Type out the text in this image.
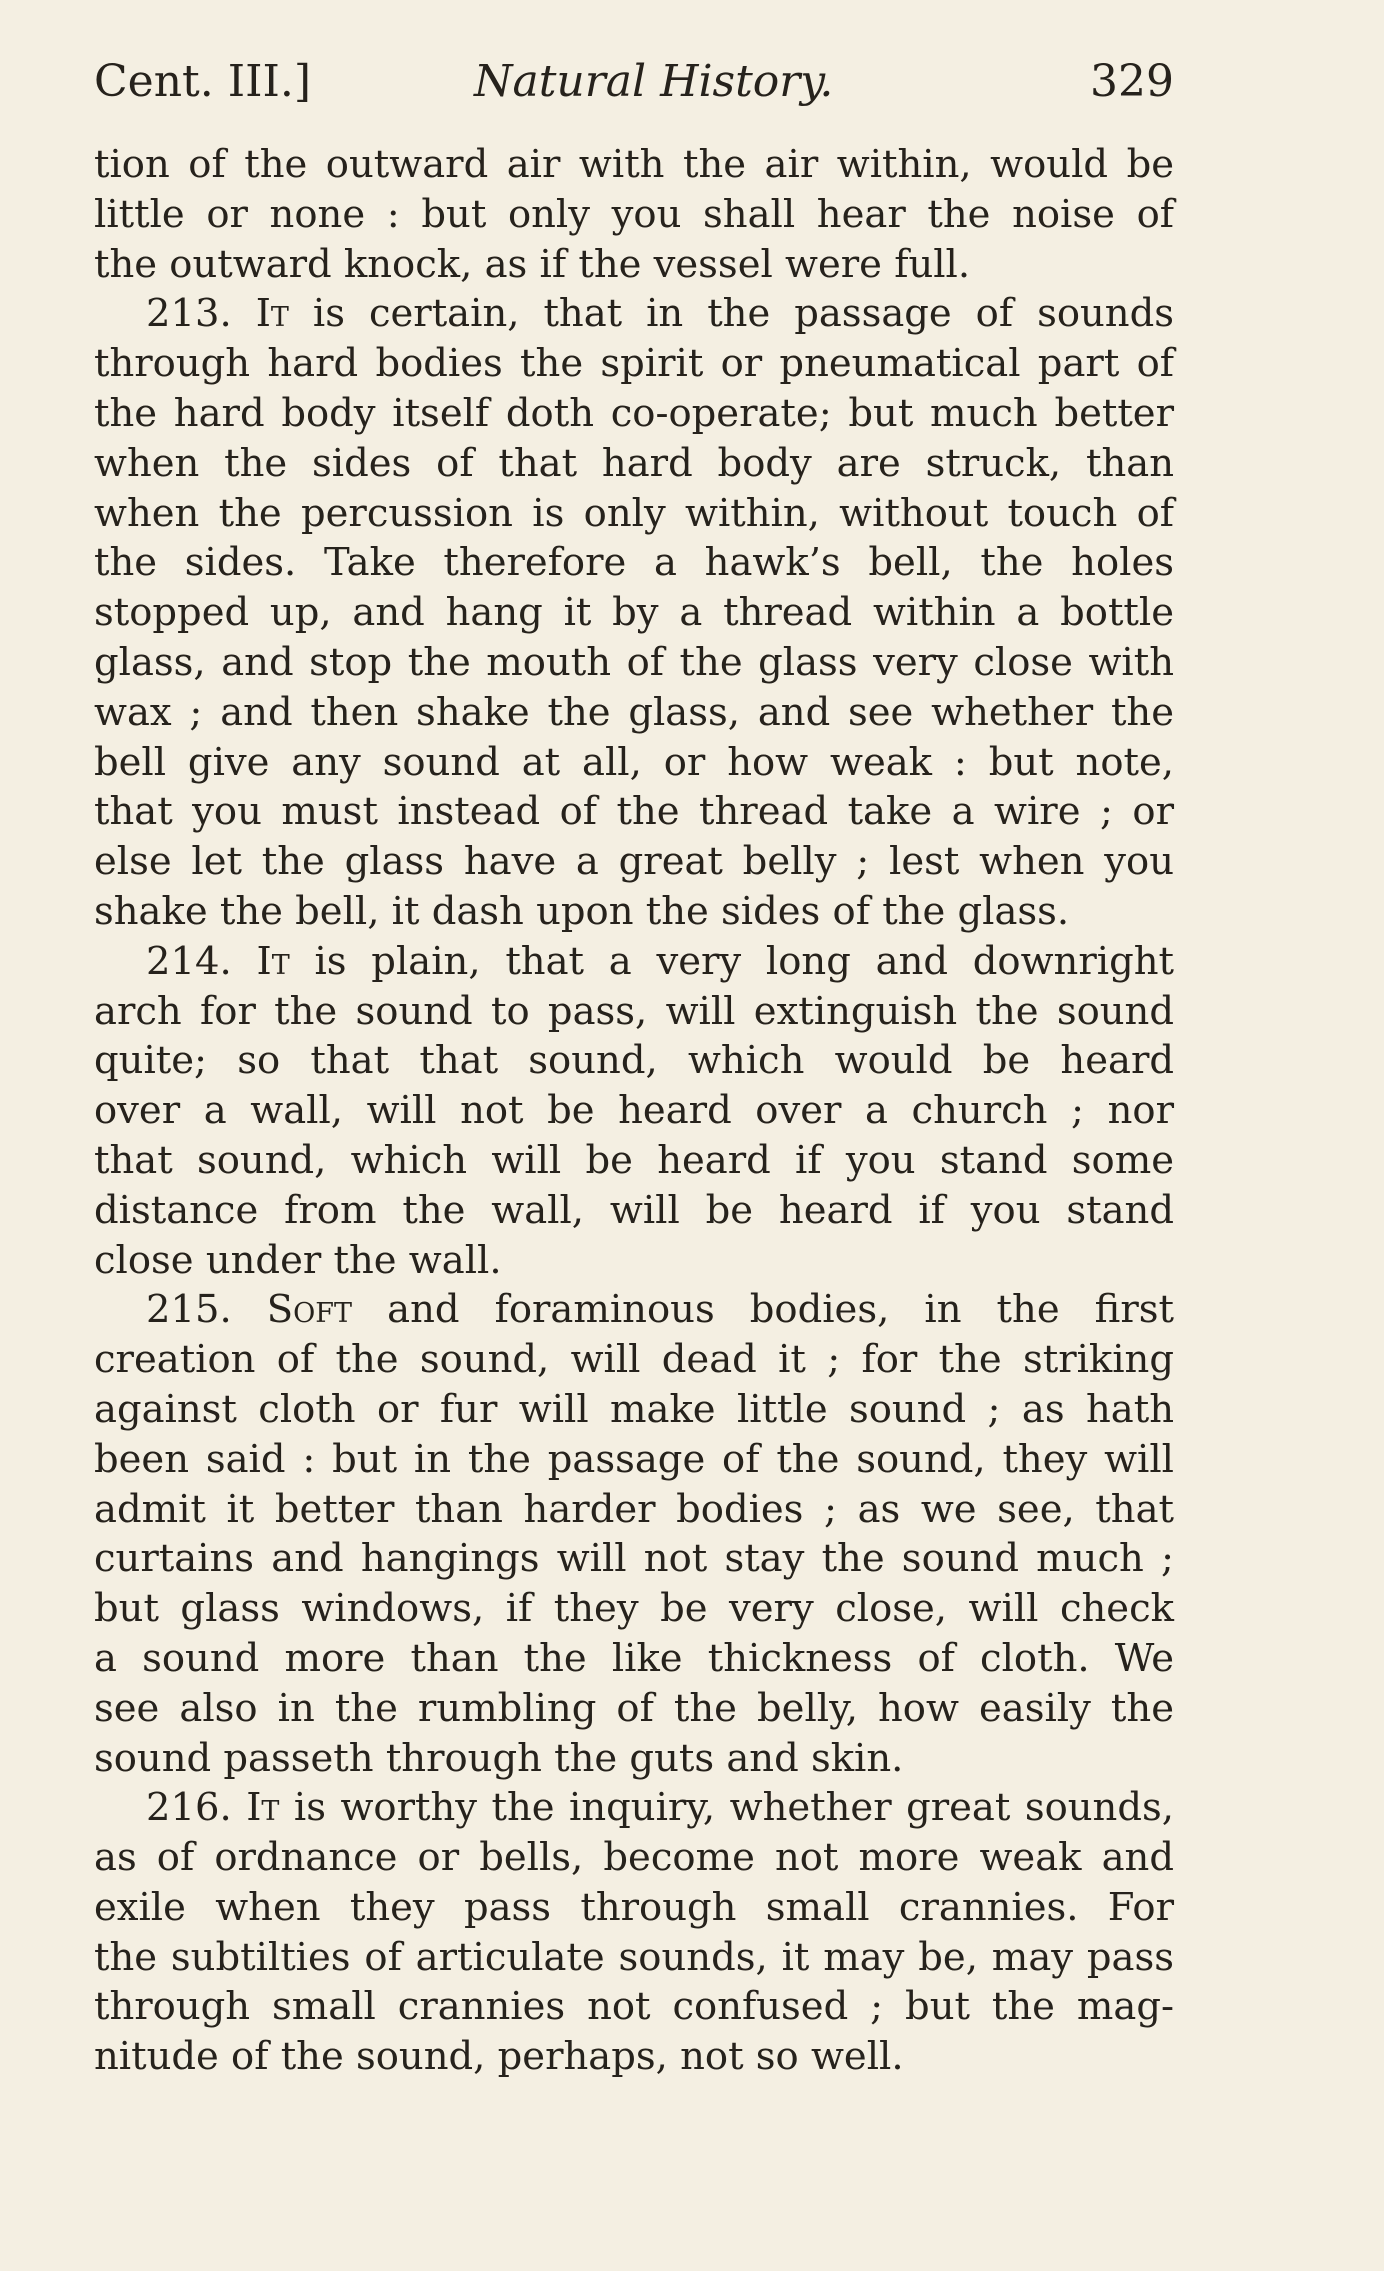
Cent. III.]	Natural History.	329
tion of the outward air with the air within, would be
little or none : but only you shall hear the noise of
the outward knock, as if the vessel were full.
213. It is certain, that in the passage of sounds
through hard bodies the spirit or pneumatical part of
the hard body itself doth co-operate; but much better
when the sides of that hard body are struck, than
when the percussion is only within, without touch of
the sides. Take therefore a hawk’s bell, the holes
stopped up, and hang it by a thread within a bottle
glass, and stop the mouth of the glass very close with
wax ; and then shake the glass, and see whether the
bell give any sound at all, or how weak : but note,
that you must instead of the thread take a wire ; or
else let the glass have a great belly ; lest when you
shake the bell, it dash upon the sides of the glass.
214. It is plain, that a very long and downright
arch for the sound to pass, will extinguish the sound
quite; so that that sound, which would be heard
over a wall, will not be heard over a church ; nor
that sound, which will be heard if you stand some
distance from the wall, will be heard if you stand
close under the wall.
215. Soft and foraminous bodies, in the first
creation of the sound, will dead it ; for the striking
against cloth or fur will make little sound ; as hath
been said : but in the passage of the sound, they will
admit it better than harder bodies ; as we see, that
curtains and hangings will not stay the sound much ;
but glass windows, if they be very close, will check
a sound more than the like thickness of cloth. We
see also in the rumbling of the belly, how easily the
sound passeth through the guts and skin.
216. It is worthy the inquiry, whether great sounds,
as of ordnance or bells, become not more weak and
exile when they pass through small crannies. For
the subtilties of articulate sounds, it may be, may pass
through small crannies not confused ; but the mag-
nitude of the sound, perhaps, not so well.
